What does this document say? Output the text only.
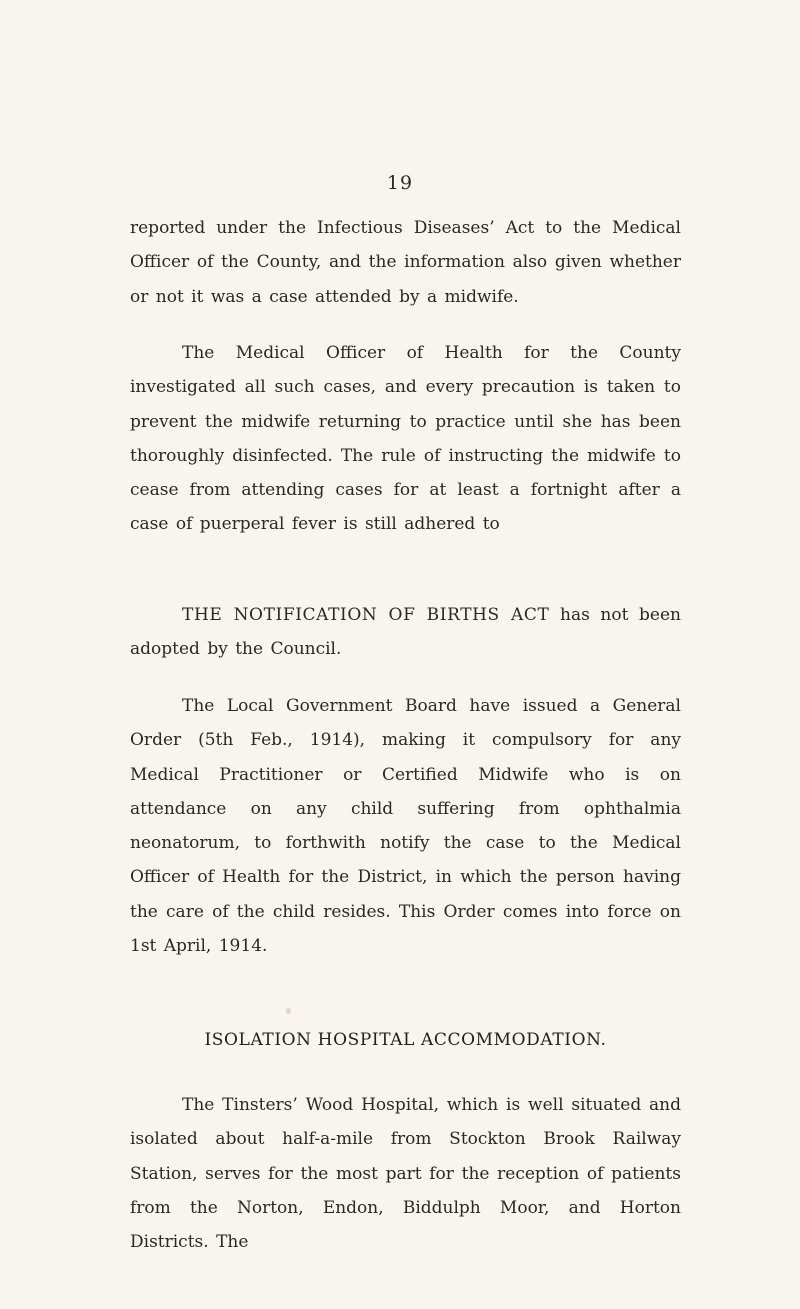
19
reported under the Infectious Diseases’ Act to the Medical Officer of the County, and the information also given whether or not it was a case attended by a midwife.
The Medical Officer of Health for the County investigated all such cases, and every precaution is taken to prevent the midwife returning to practice until she has been thoroughly disinfected. The rule of instructing the midwife to cease from attending cases for at least a fortnight after a case of puerperal fever is still adhered to
THE NOTIFICATION OF BIRTHS ACT has not been adopted by the Council.
The Local Government Board have issued a General Order (5th Feb., 1914), making it compulsory for any Medical Practitioner or Certified Midwife who is on attendance on any child suffering from ophthalmia neonatorum, to forthwith notify the case to the Medical Officer of Health for the District, in which the person having the care of the child resides. This Order comes into force on 1st April, 1914.
ISOLATION HOSPITAL ACCOMMODATION.
The Tinsters’ Wood Hospital, which is well situated and isolated about half-a-mile from Stockton Brook Railway Station, serves for the most part for the reception of patients from the Norton, Endon, Biddulph Moor, and Horton Districts. The
